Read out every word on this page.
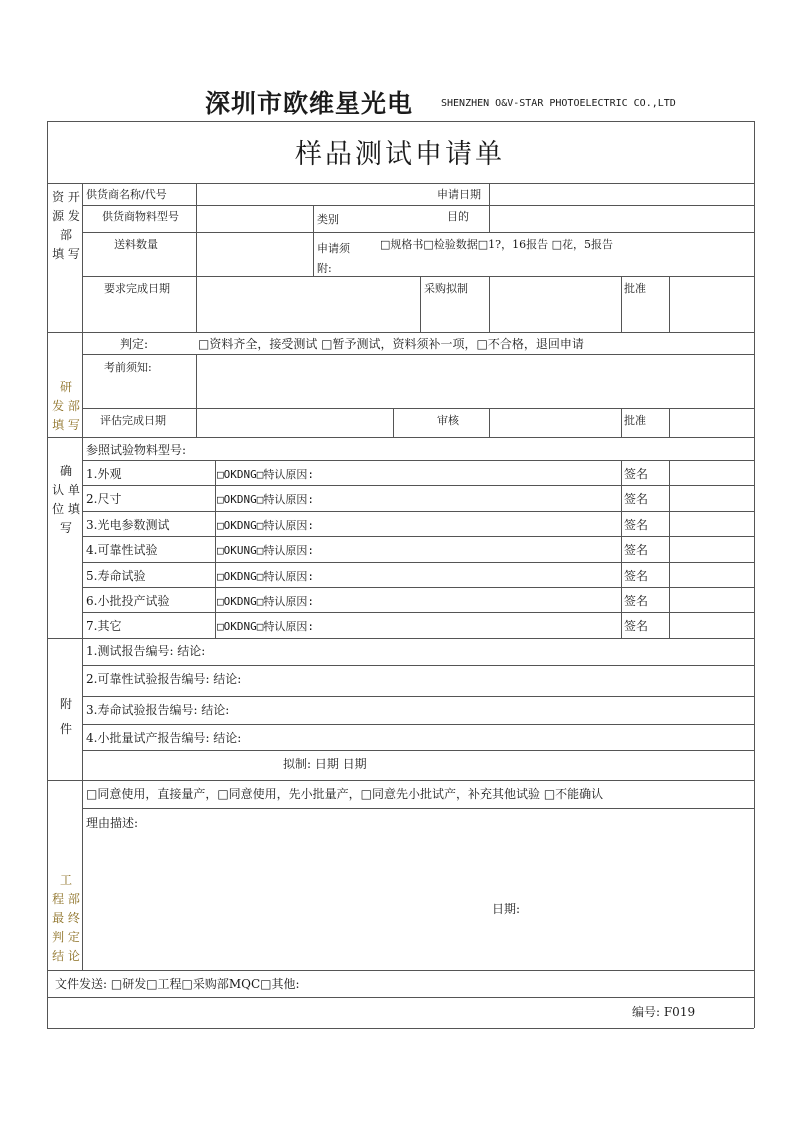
深圳市欧维星光电	SHENZHEN O&V-STAR PHOTOELECTRIC CO.,LTD
样品测试申请单
资 开
源 发 部
填 写
供货商名称/代号	申请日期
供货商物料型号	类别	目的
送料数量	申请须
附:
□规格书□检验数据□1?，16报告 □花，5报告
要求完成日期	采购拟制	批准
研
发 部
填 写
判定:	□资料齐全，接受测试 □暂予测试，资料须补一项，□不合格，退回申请
考前须知:
评估完成日期	审核	批准
确
认 单
位 填
写
参照试验物料型号:
1.外观	□OKDNG□特认原因:	签名
2.尺寸	□OKDNG□特认原因:	签名
3.光电参数测试	□OKDNG□特认原因:	签名
4.可靠性试验	□OKUNG□特认原因:	签名
5.寿命试验	□OKDNG□特认原因:	签名
6.小批投产试验	□OKDNG□特认原因:	签名
7.其它	□OKDNG□特认原因:	签名
附
件
1.测试报告编号: 结论:
2.可靠性试验报告编号: 结论:
3.寿命试验报告编号: 结论:
4.小批量试产报告编号: 结论:
拟制: 日期 日期
工
程 部
最 终
判 定
结 论
□同意使用，直接量产，□同意使用，先小批量产，□同意先小批试产，补充其他试验 □不能确认
理由描述:
日期:
文件发送: □研发□工程□采购部MQC□其他:
编号: F019
